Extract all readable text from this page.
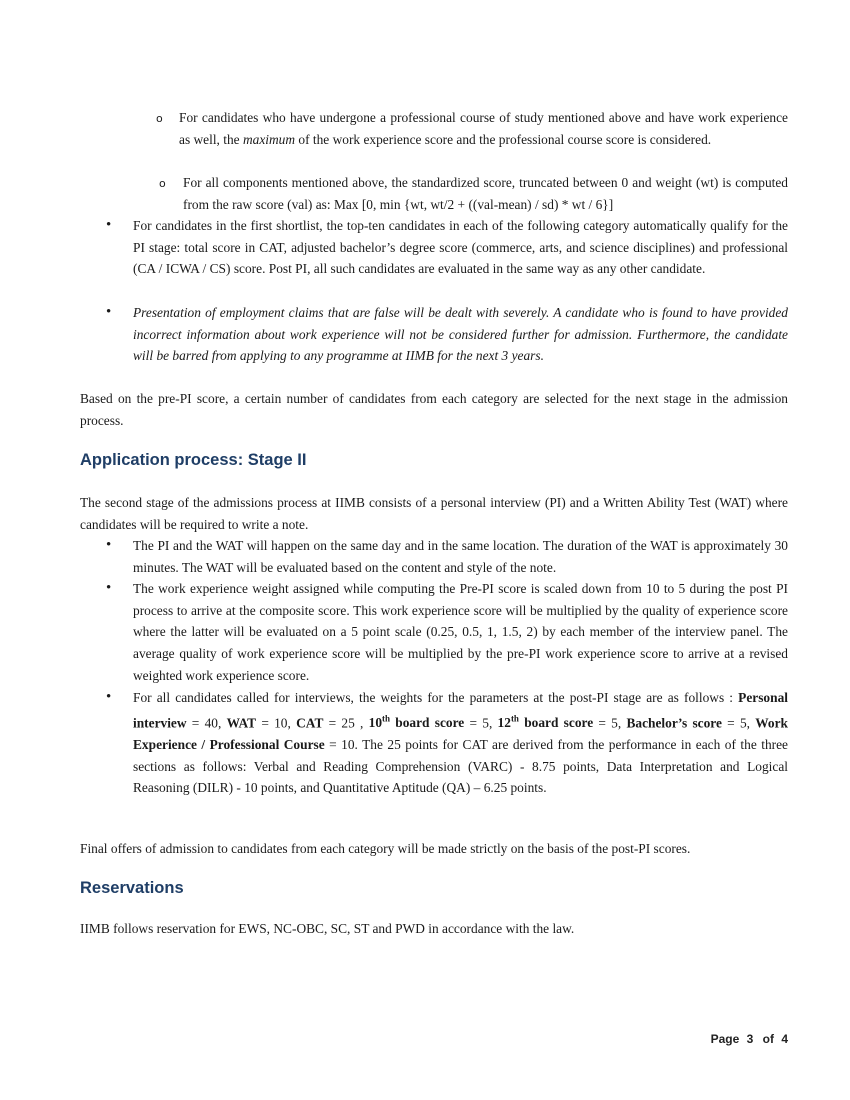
o For candidates who have undergone a professional course of study mentioned above and have work experience as well, the maximum of the work experience score and the professional course score is considered.
o For all components mentioned above, the standardized score, truncated between 0 and weight (wt) is computed from the raw score (val) as: Max [0, min {wt, wt/2 + ((val-mean) / sd) * wt / 6}]
• For candidates in the first shortlist, the top-ten candidates in each of the following category automatically qualify for the PI stage: total score in CAT, adjusted bachelor’s degree score (commerce, arts, and science disciplines) and professional (CA / ICWA / CS) score. Post PI, all such candidates are evaluated in the same way as any other candidate.
• Presentation of employment claims that are false will be dealt with severely. A candidate who is found to have provided incorrect information about work experience will not be considered further for admission. Furthermore, the candidate will be barred from applying to any programme at IIMB for the next 3 years.
Based on the pre-PI score, a certain number of candidates from each category are selected for the next stage in the admission process.
Application process: Stage II
The second stage of the admissions process at IIMB consists of a personal interview (PI) and a Written Ability Test (WAT) where candidates will be required to write a note.
• The PI and the WAT will happen on the same day and in the same location. The duration of the WAT is approximately 30 minutes. The WAT will be evaluated based on the content and style of the note.
• The work experience weight assigned while computing the Pre-PI score is scaled down from 10 to 5 during the post PI process to arrive at the composite score. This work experience score will be multiplied by the quality of experience score where the latter will be evaluated on a 5 point scale (0.25, 0.5, 1, 1.5, 2) by each member of the interview panel. The average quality of work experience score will be multiplied by the pre-PI work experience score to arrive at a revised weighted work experience score.
• For all candidates called for interviews, the weights for the parameters at the post-PI stage are as follows : Personal interview = 40, WAT = 10, CAT = 25 , 10th board score = 5, 12th board score = 5, Bachelor’s score = 5, Work Experience / Professional Course = 10. The 25 points for CAT are derived from the performance in each of the three sections as follows: Verbal and Reading Comprehension (VARC) - 8.75 points, Data Interpretation and Logical Reasoning (DILR) - 10 points, and Quantitative Aptitude (QA) – 6.25 points.
Final offers of admission to candidates from each category will be made strictly on the basis of the post-PI scores.
Reservations
IIMB follows reservation for EWS, NC-OBC, SC, ST and PWD in accordance with the law.
Page 3 of 4
